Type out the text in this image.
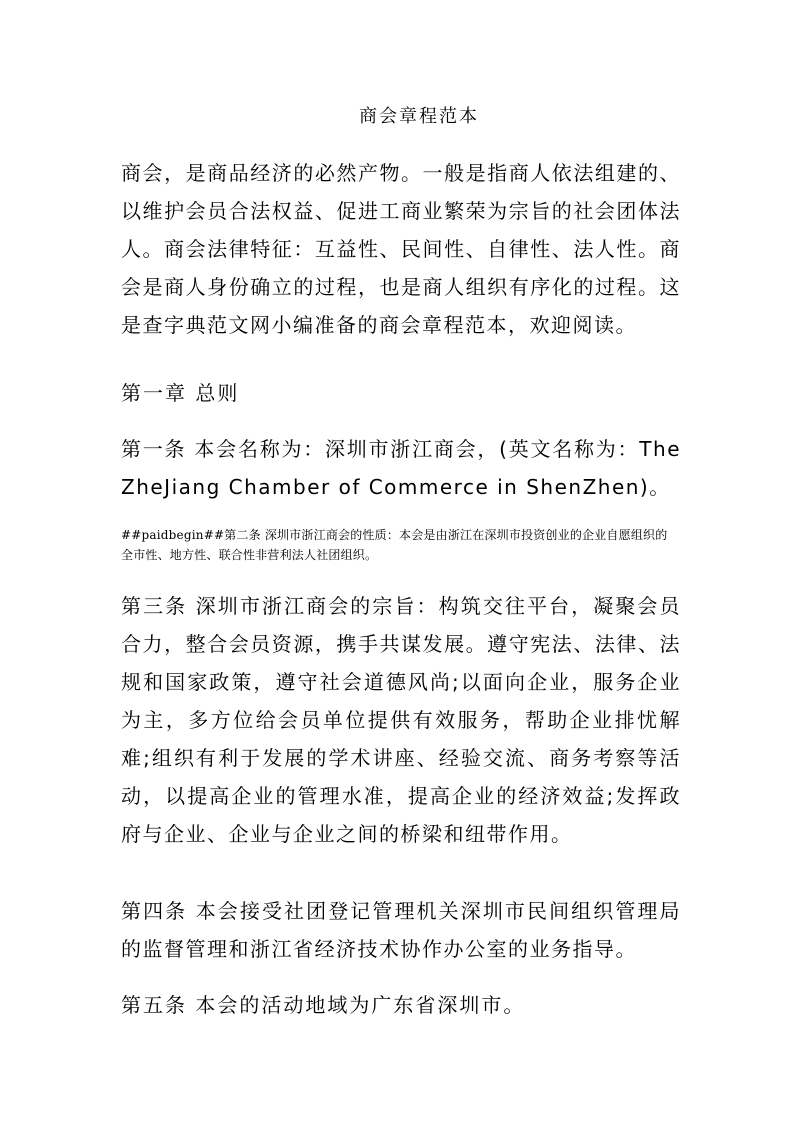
商会章程范本
商会，是商品经济的必然产物。一般是指商人依法组建的、以维护会员合法权益、促进工商业繁荣为宗旨的社会团体法人。商会法律特征：互益性、民间性、自律性、法人性。商会是商人身份确立的过程，也是商人组织有序化的过程。这是查字典范文网小编准备的商会章程范本，欢迎阅读。
第一章 总则
第一条 本会名称为：深圳市浙江商会，(英文名称为：The ZheJiang Chamber of Commerce in ShenZhen)。
##paidbegin##第二条 深圳市浙江商会的性质：本会是由浙江在深圳市投资创业的企业自愿组织的全市性、地方性、联合性非营利法人社团组织。
第三条 深圳市浙江商会的宗旨：构筑交往平台，凝聚会员合力，整合会员资源，携手共谋发展。遵守宪法、法律、法规和国家政策，遵守社会道德风尚;以面向企业，服务企业为主，多方位给会员单位提供有效服务，帮助企业排忧解难;组织有利于发展的学术讲座、经验交流、商务考察等活动，以提高企业的管理水准，提高企业的经济效益;发挥政府与企业、企业与企业之间的桥梁和纽带作用。
第四条 本会接受社团登记管理机关深圳市民间组织管理局的监督管理和浙江省经济技术协作办公室的业务指导。
第五条 本会的活动地域为广东省深圳市。
